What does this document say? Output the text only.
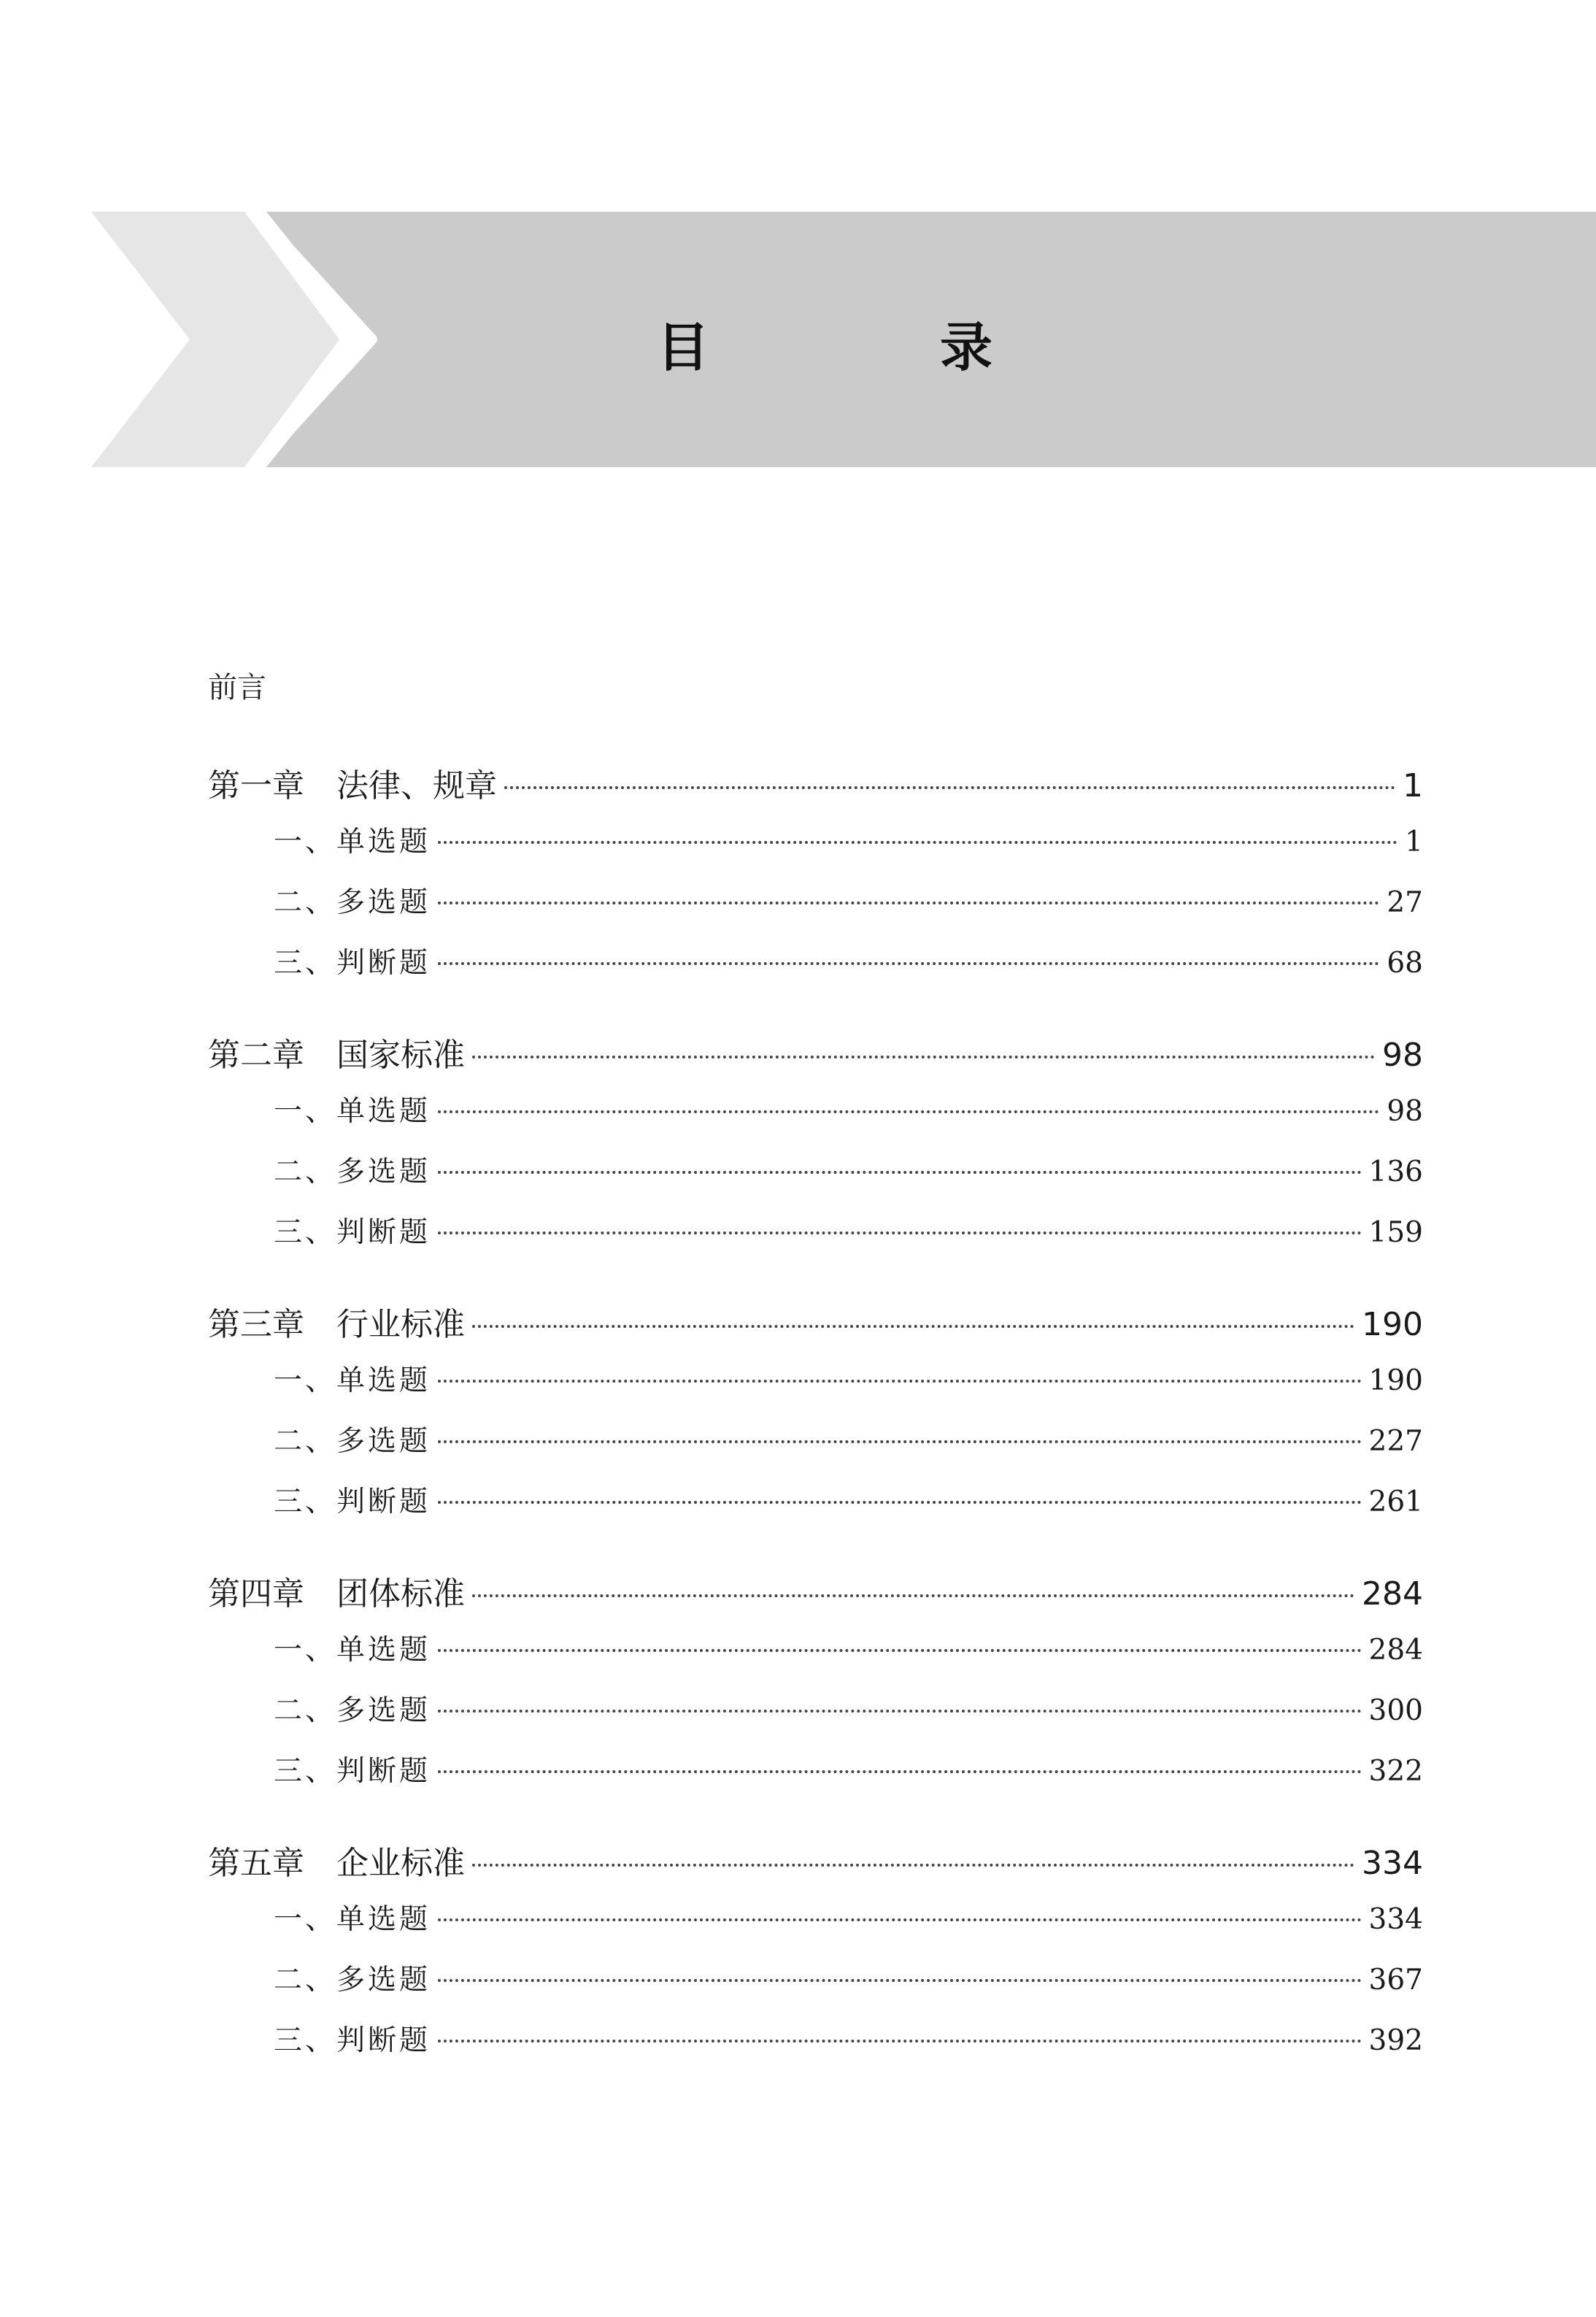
目	录
前言
第一章 法律、规章	1
一、单选题	1
二、多选题	27
三、判断题	68
第二章 国家标准	98
一、单选题	98
二、多选题	136
三、判断题	159
第三章 行业标准	190
一、单选题	190
二、多选题	227
三、判断题	261
第四章 团体标准	284
一、单选题	284
二、多选题	300
三、判断题	322
第五章 企业标准	334
一、单选题	334
二、多选题	367
三、判断题	392
